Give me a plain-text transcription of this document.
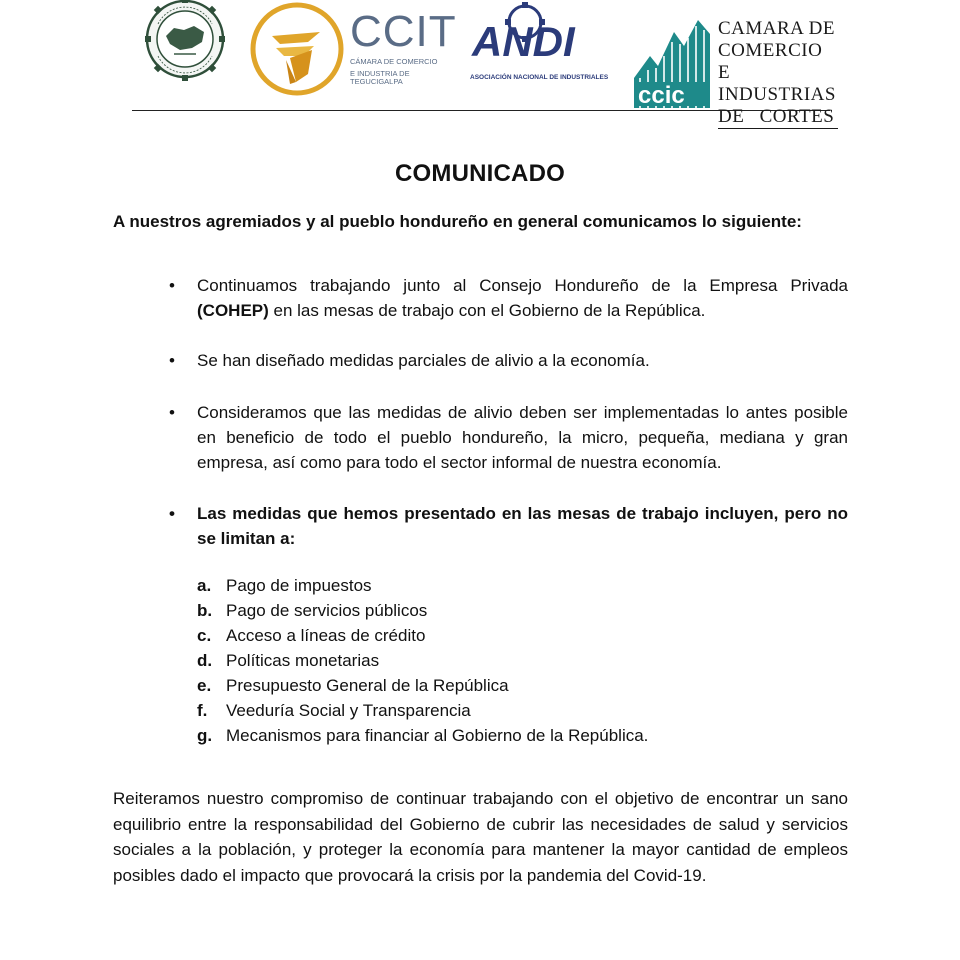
CCIT
CÁMARA DE COMERCIO
E INDUSTRIA DE TEGUCIGALPA
ANDI
ASOCIACIÓN NACIONAL DE INDUSTRIALES
ccic
CAMARA DE
COMERCIO E
INDUSTRIAS
DE CORTES
COMUNICADO
A nuestros agremiados y al pueblo hondureño en general comunicamos lo siguiente:
• Continuamos trabajando junto al Consejo Hondureño de la Empresa Privada (COHEP) en las mesas de trabajo con el Gobierno de la República.
• Se han diseñado medidas parciales de alivio a la economía.
• Consideramos que las medidas de alivio deben ser implementadas lo antes posible en beneficio de todo el pueblo hondureño, la micro, pequeña, mediana y gran empresa, así como para todo el sector informal de nuestra economía.
• Las medidas que hemos presentado en las mesas de trabajo incluyen, pero no se limitan a:
a. Pago de impuestos
b. Pago de servicios públicos
c. Acceso a líneas de crédito
d. Políticas monetarias
e. Presupuesto General de la República
f. Veeduría Social y Transparencia
g. Mecanismos para financiar al Gobierno de la República.
Reiteramos nuestro compromiso de continuar trabajando con el objetivo de encontrar un sano equilibrio entre la responsabilidad del Gobierno de cubrir las necesidades de salud y servicios sociales a la población, y proteger la economía para mantener la mayor cantidad de empleos posibles dado el impacto que provocará la crisis por la pandemia del Covid-19.
